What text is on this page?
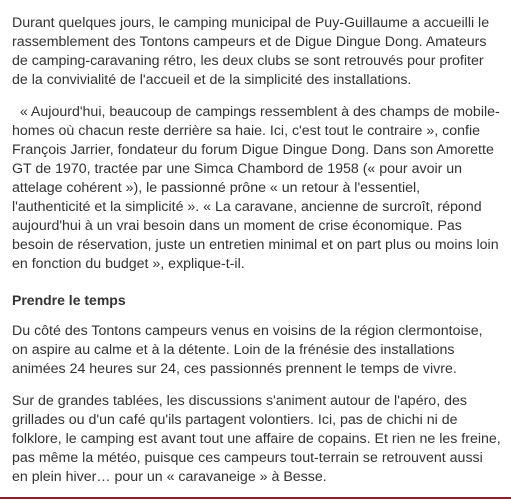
Durant quelques jours, le camping municipal de Puy-Guillaume a accueilli le rassemblement des Tontons campeurs et de Digue Dingue Dong. Amateurs de camping-caravaning rétro, les deux clubs se sont retrouvés pour profiter de la convivialité de l'accueil et de la simplicité des installations.

« Aujourd'hui, beaucoup de campings ressemblent à des champs de mobile-homes où chacun reste derrière sa haie. Ici, c'est tout le contraire », confie François Jarrier, fondateur du forum Digue Dingue Dong. Dans son Amorette GT de 1970, tractée par une Simca Chambord de 1958 (« pour avoir un attelage cohérent »), le passionné prône « un retour à l'essentiel, l'authenticité et la simplicité ». « La caravane, ancienne de surcroît, répond aujourd'hui à un vrai besoin dans un moment de crise économique. Pas besoin de réservation, juste un entretien minimal et on part plus ou moins loin en fonction du budget », explique-t-il.

Prendre le temps

Du côté des Tontons campeurs venus en voisins de la région clermontoise, on aspire au calme et à la détente. Loin de la frénésie des installations animées 24 heures sur 24, ces passionnés prennent le temps de vivre.

Sur de grandes tablées, les discussions s'animent autour de l'apéro, des grillades ou d'un café qu'ils partagent volontiers. Ici, pas de chichi ni de folklore, le camping est avant tout une affaire de copains. Et rien ne les freine, pas même la météo, puisque ces campeurs tout-terrain se retrouvent aussi en plein hiver… pour un « caravaneige » à Besse.
